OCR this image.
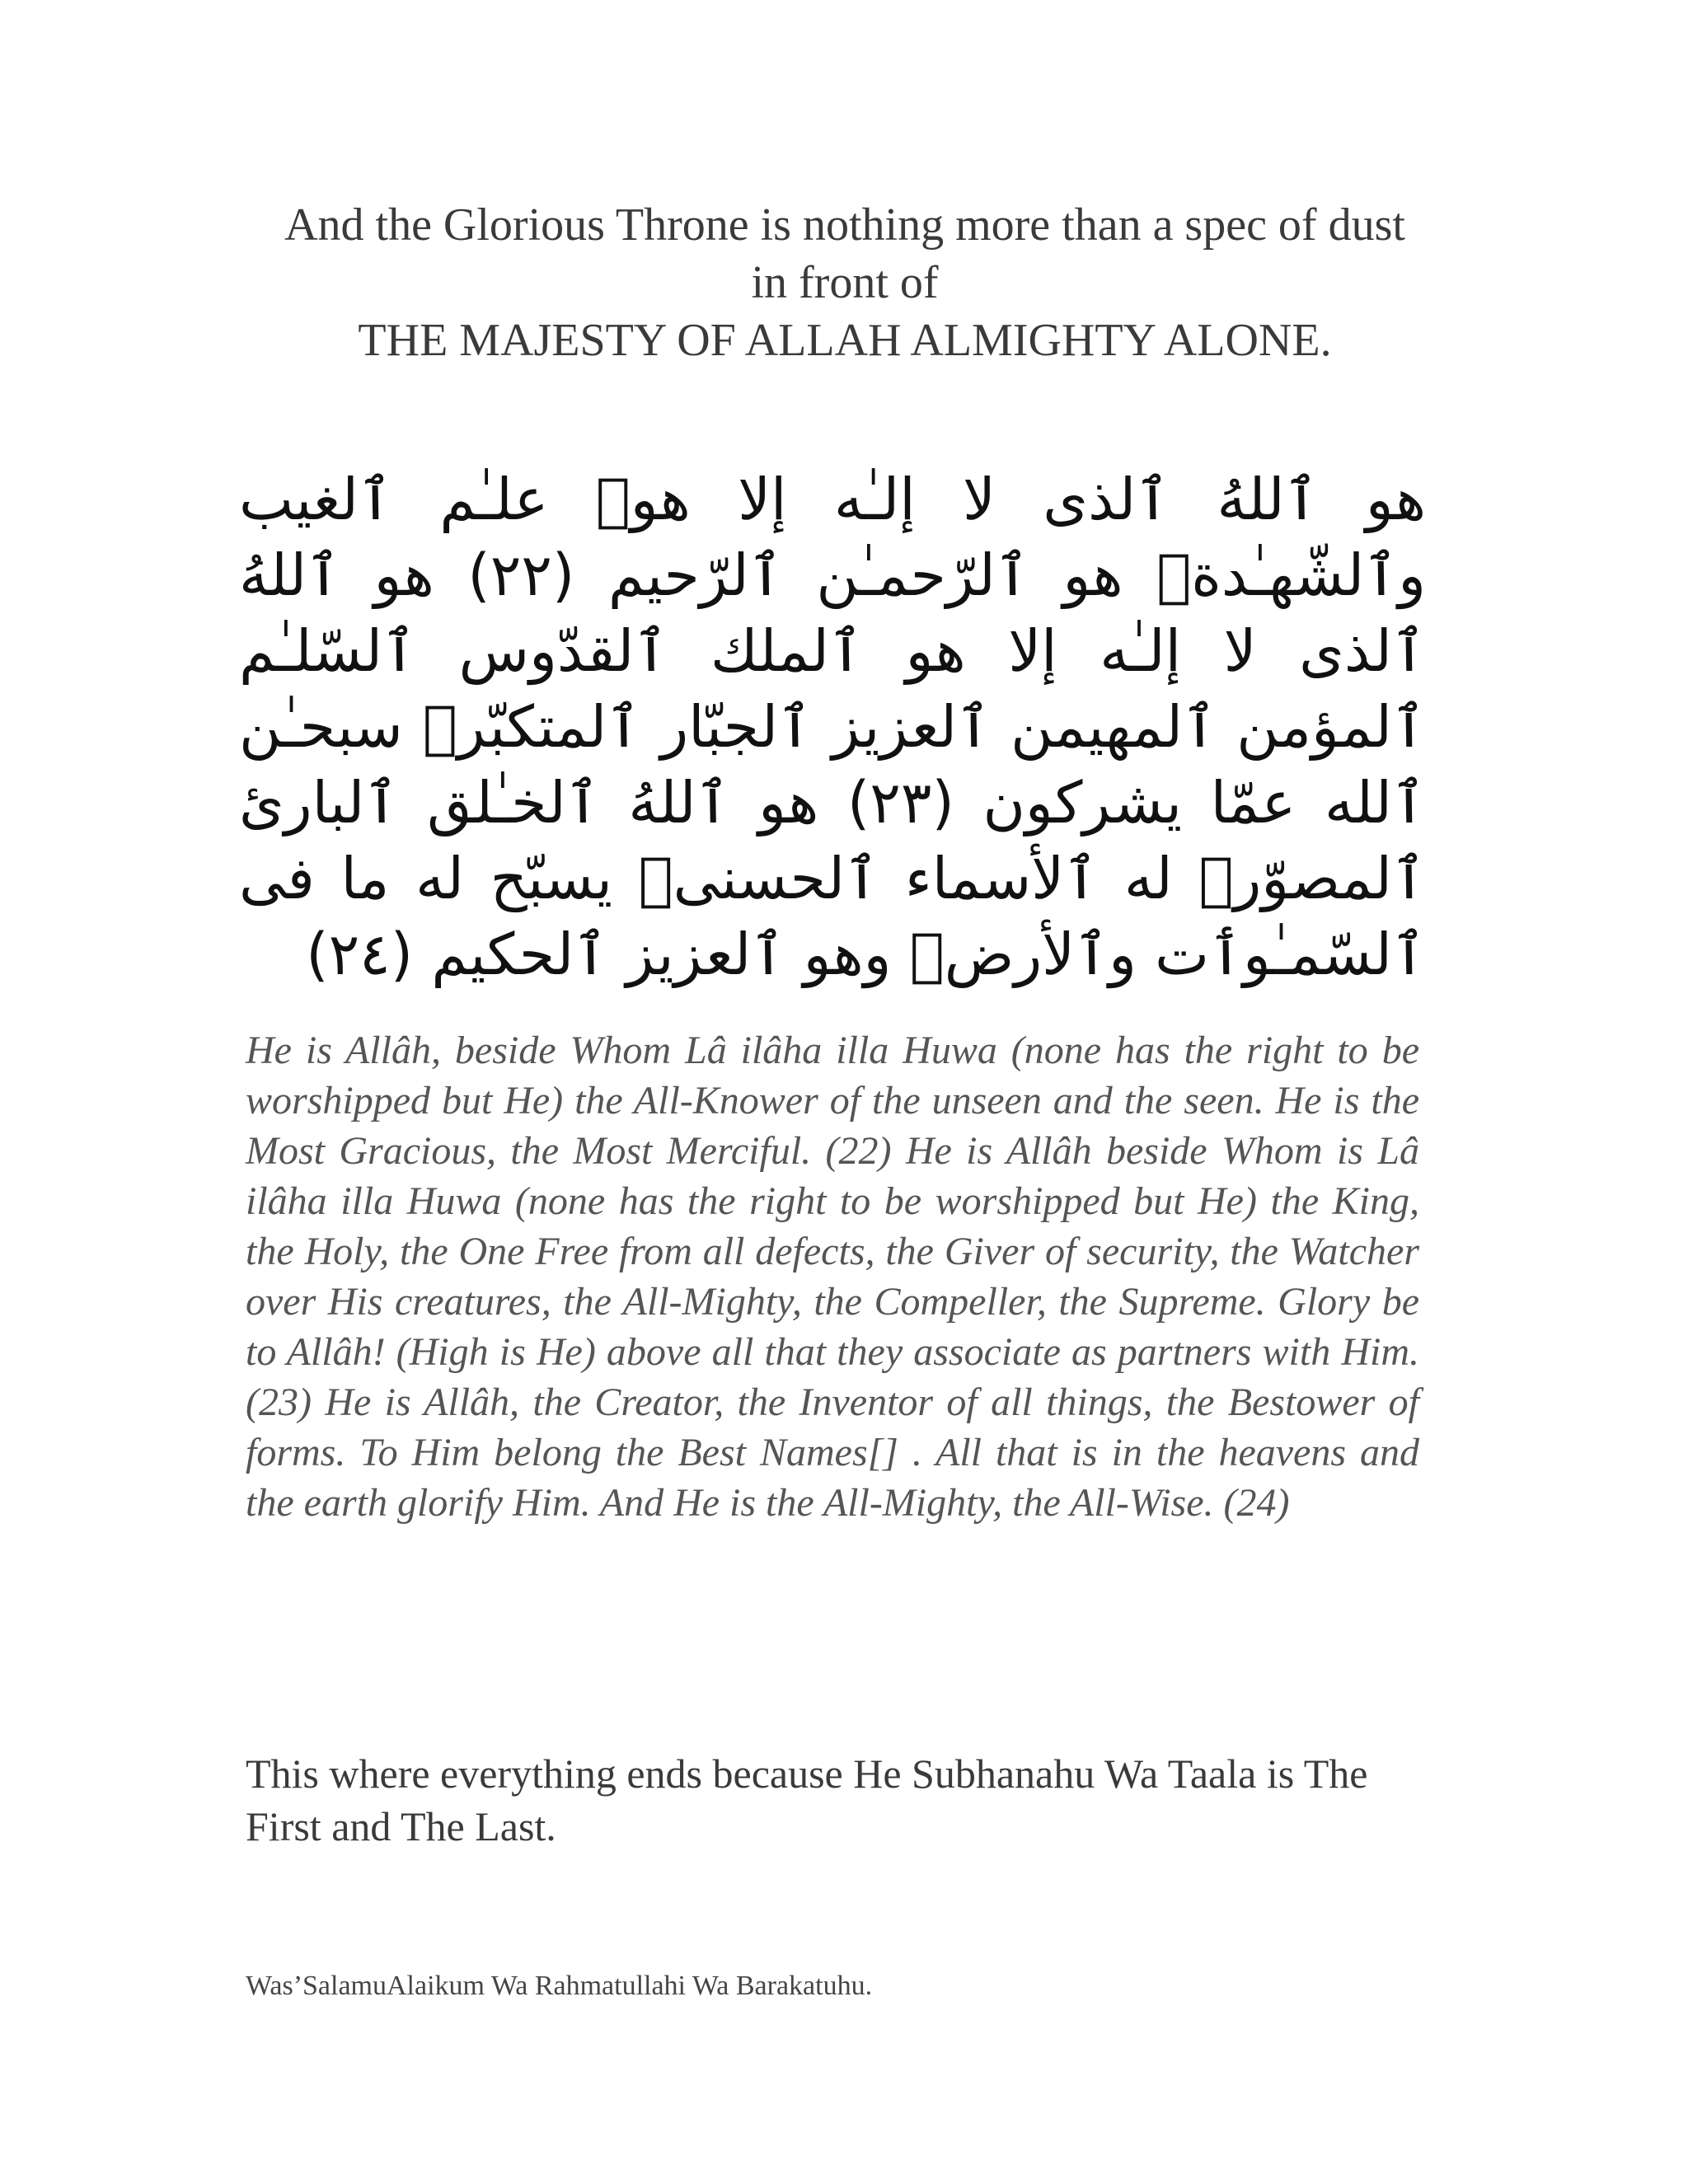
And the Glorious Throne is nothing more than a spec of dust in front of
THE MAJESTY OF ALLAH ALMIGHTY ALONE.
هو ٱللهُ ٱلذى لا إلـٰه إلا هوۖ علـٰم ٱلغيب وٱلشّهـٰدةۖ هو ٱلرّحمـٰن ٱلرّحيم (٢٢) هو ٱللهُ ٱلذى لا إلـٰه إلا هو ٱلملك ٱلقدّوس ٱلسّلـٰم ٱلمؤمن ٱلمهيمن ٱلعزيز ٱلجبّار ٱلمتكبّرۚ سبحـٰن ٱلله عمّا يشركون (٢٣) هو ٱللهُ ٱلخـٰلق ٱلبارئ ٱلمصوّرۖ له ٱلأسماء ٱلحسنىۚ يسبّح له ما فى ٱلسّمـٰوٲت وٱلأرضۖ وهو ٱلعزيز ٱلحكيم (٢٤)
He is Allâh, beside Whom Lâ ilâha illa Huwa (none has the right to be worshipped but He) the All-Knower of the unseen and the seen. He is the Most Gracious, the Most Merciful. (22) He is Allâh beside Whom is Lâ ilâha illa Huwa (none has the right to be worshipped but He) the King, the Holy, the One Free from all defects, the Giver of security, the Watcher over His creatures, the All-Mighty, the Compeller, the Supreme. Glory be to Allâh! (High is He) above all that they associate as partners with Him. (23) He is Allâh, the Creator, the Inventor of all things, the Bestower of forms. To Him belong the Best Names[] . All that is in the heavens and the earth glorify Him. And He is the All-Mighty, the All-Wise. (24)
This where everything ends because He Subhanahu Wa Taala is The First and The Last.
Was’SalamuAlaikum Wa Rahmatullahi Wa Barakatuhu.
